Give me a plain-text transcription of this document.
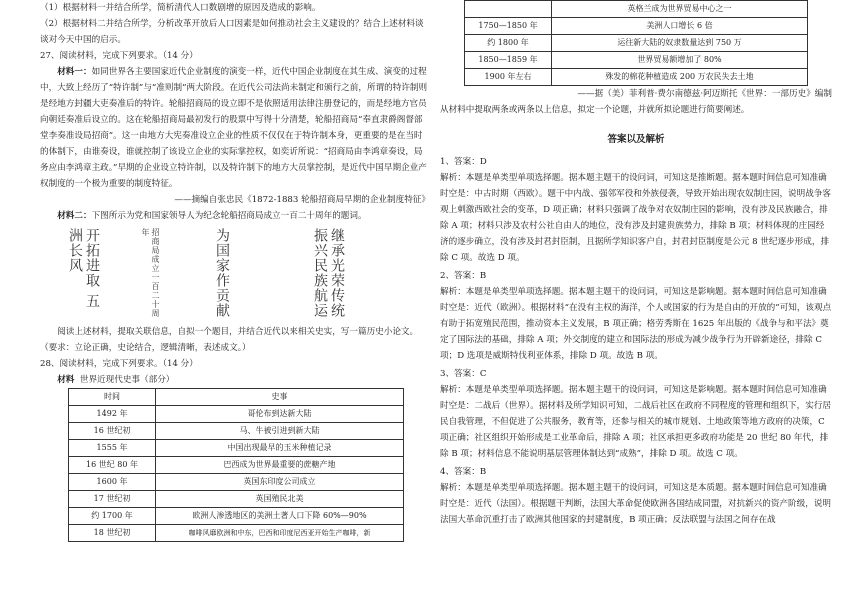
（1）根据材料一并结合所学，简析清代人口数剧增的原因及造成的影响。

（2）根据材料二并结合所学，分析改革开放后人口因素是如何推动社会主义建设的？结合上述材料谈谈对今天中国的启示。

27、阅读材料，完成下列要求。（14 分）

材料一：如同世界各主要国家近代企业制度的演变一样，近代中国企业制度在其生成、演变的过程中，大致上经历了“特许制”与“准则制”两大阶段。在近代公司法尚未制定和颁行之前，所谓的特许制则是经地方封疆大吏奏准后的特许。轮船招商局的设立即不是依照适用法律注册登记的，而是经地方官员向朝廷奏准后设立的。这在轮船招商局最初发行的股票中写得十分清楚，轮船招商局“奉直隶爵阁督部堂李奏准设局招商”。这一由地方大宪奏准设立企业的性质不仅仅在于特许制本身，更重要的是在当时的体制下，由谁奏设，谁就控制了该设立企业的实际掌控权，如奕䜣所说：“招商局由李鸿章奏设，局务应由李鸿章主政。”早期的企业设立特许制，以及特许制下的地方大员掌控制，是近代中国早期企业产权制度的一个极为重要的制度特征。

——摘编自张忠民《1872-1883 轮船招商局早期的企业制度特征》

材料二：下图所示为党和国家领导人为纪念轮船招商局成立一百二十周年的题词。

开拓进取 五洲长风	招商局成立一百二十周年	为国家作贡献	继承光荣传统 振兴民族航运

阅读上述材料，提取关联信息，自拟一个题目，并结合近代以来相关史实，写一篇历史小论文。（要求：立论正确，史论结合，逻辑清晰，表述成文。）

28、阅读材料，完成下列要求。（14 分）

材料 世界近现代史事（部分）

时间	史事
1492 年	哥伦布到达新大陆
16 世纪初	马、牛被引进到新大陆
1555 年	中国出现最早的玉米种植记录
16 世纪 80 年	巴西成为世界最重要的蔗糖产地
1600 年	英国东印度公司成立
17 世纪初	英国殖民北美
约 1700 年	欧洲人渗透地区的美洲土著人口下降 60%—90%
18 世纪初	咖啡风靡欧洲和中东，巴西和印度尼西亚开始生产咖啡，新
	英格兰成为世界贸易中心之一
1750—1850 年	美洲人口增长 6 倍
约 1800 年	运往新大陆的奴隶数量达到 750 万
1850—1859 年	世界贸易额增加了 80%
1900 年左右	殊发的棉花种植造成 200 万农民失去土地

——据（美）菲利普·费尔南德兹·阿迈斯托《世界：一部历史》编制

从材料中提取两条或两条以上信息，拟定一个论题，并就所拟论题进行简要阐述。

答案以及解析

1、答案：D

解析：本题是单类型单项选择题。据本题主题干的设问词，可知这是推断题。据本题时间信息可知准确时空是：中古时期（西欧）。题干中内战、强邻军役和外族侵袭，导致开始出现农奴制庄园，说明战争客观上刺激西欧社会的变革，D 项正确；材料只强调了战争对农奴制庄园的影响，没有涉及民族融合，排除 A 项；材料只涉及农村公社自由人的地位，没有涉及封建贵族势力，排除 B 项；材料体现的庄园经济的逐步确立，没有涉及封君封臣制，且据所学知识客户自，封君封臣制度是公元 8 世纪逐步形成，排除 C 项。故选 D 项。

2、答案：B

解析：本题是单类型单项选择题。据本题主题干的设问词，可知这是影响题。据本题时间信息可知准确时空是：近代（欧洲）。根据材料“在没有主权的海洋，个人或国家的行为是自由的开放的”可知，该观点有助于拓宽殖民范围，推动资本主义发展，B 项正确；格劳秀斯在 1625 年出版的《战争与和平法》奠定了国际法的基础，排除 A 项；外交制度的建立和国际法的形成为减少战争行为开辟新途径，排除 C 项；D 选项是威斯特伐利亚体系，排除 D 项。故选 B 项。

3、答案：C

解析：本题是单类型单项选择题。据本题主题干的设问词，可知这是影响题。据本题时间信息可知准确时空是：二战后（世界）。据材料及所学知识可知，二战后社区在政府不同程度的管理和组织下，实行居民自我管理，不但促进了公共服务，教育等，还参与相关的城市规划、土地政策等地方政府的决策，C 项正确；社区组织开始形成是工业革命后，排除 A 项；社区承担更多政府功能是 20 世纪 80 年代，排除 B 项；材料信息不能说明基层管理体制达到“成熟”，排除 D 项。故选 C 项。

4、答案：B

解析：本题是单类型单项选择题。据本题主题干的设问词，可知这是本质题。据本题时间信息可知准确时空是：近代（法国）。根据题干判断，法国大革命促使欧洲各国结成同盟，对抗新兴的资产阶级，说明法国大革命沉重打击了欧洲其他国家的封建制度，B 项正确；反法联盟与法国之间存在战
